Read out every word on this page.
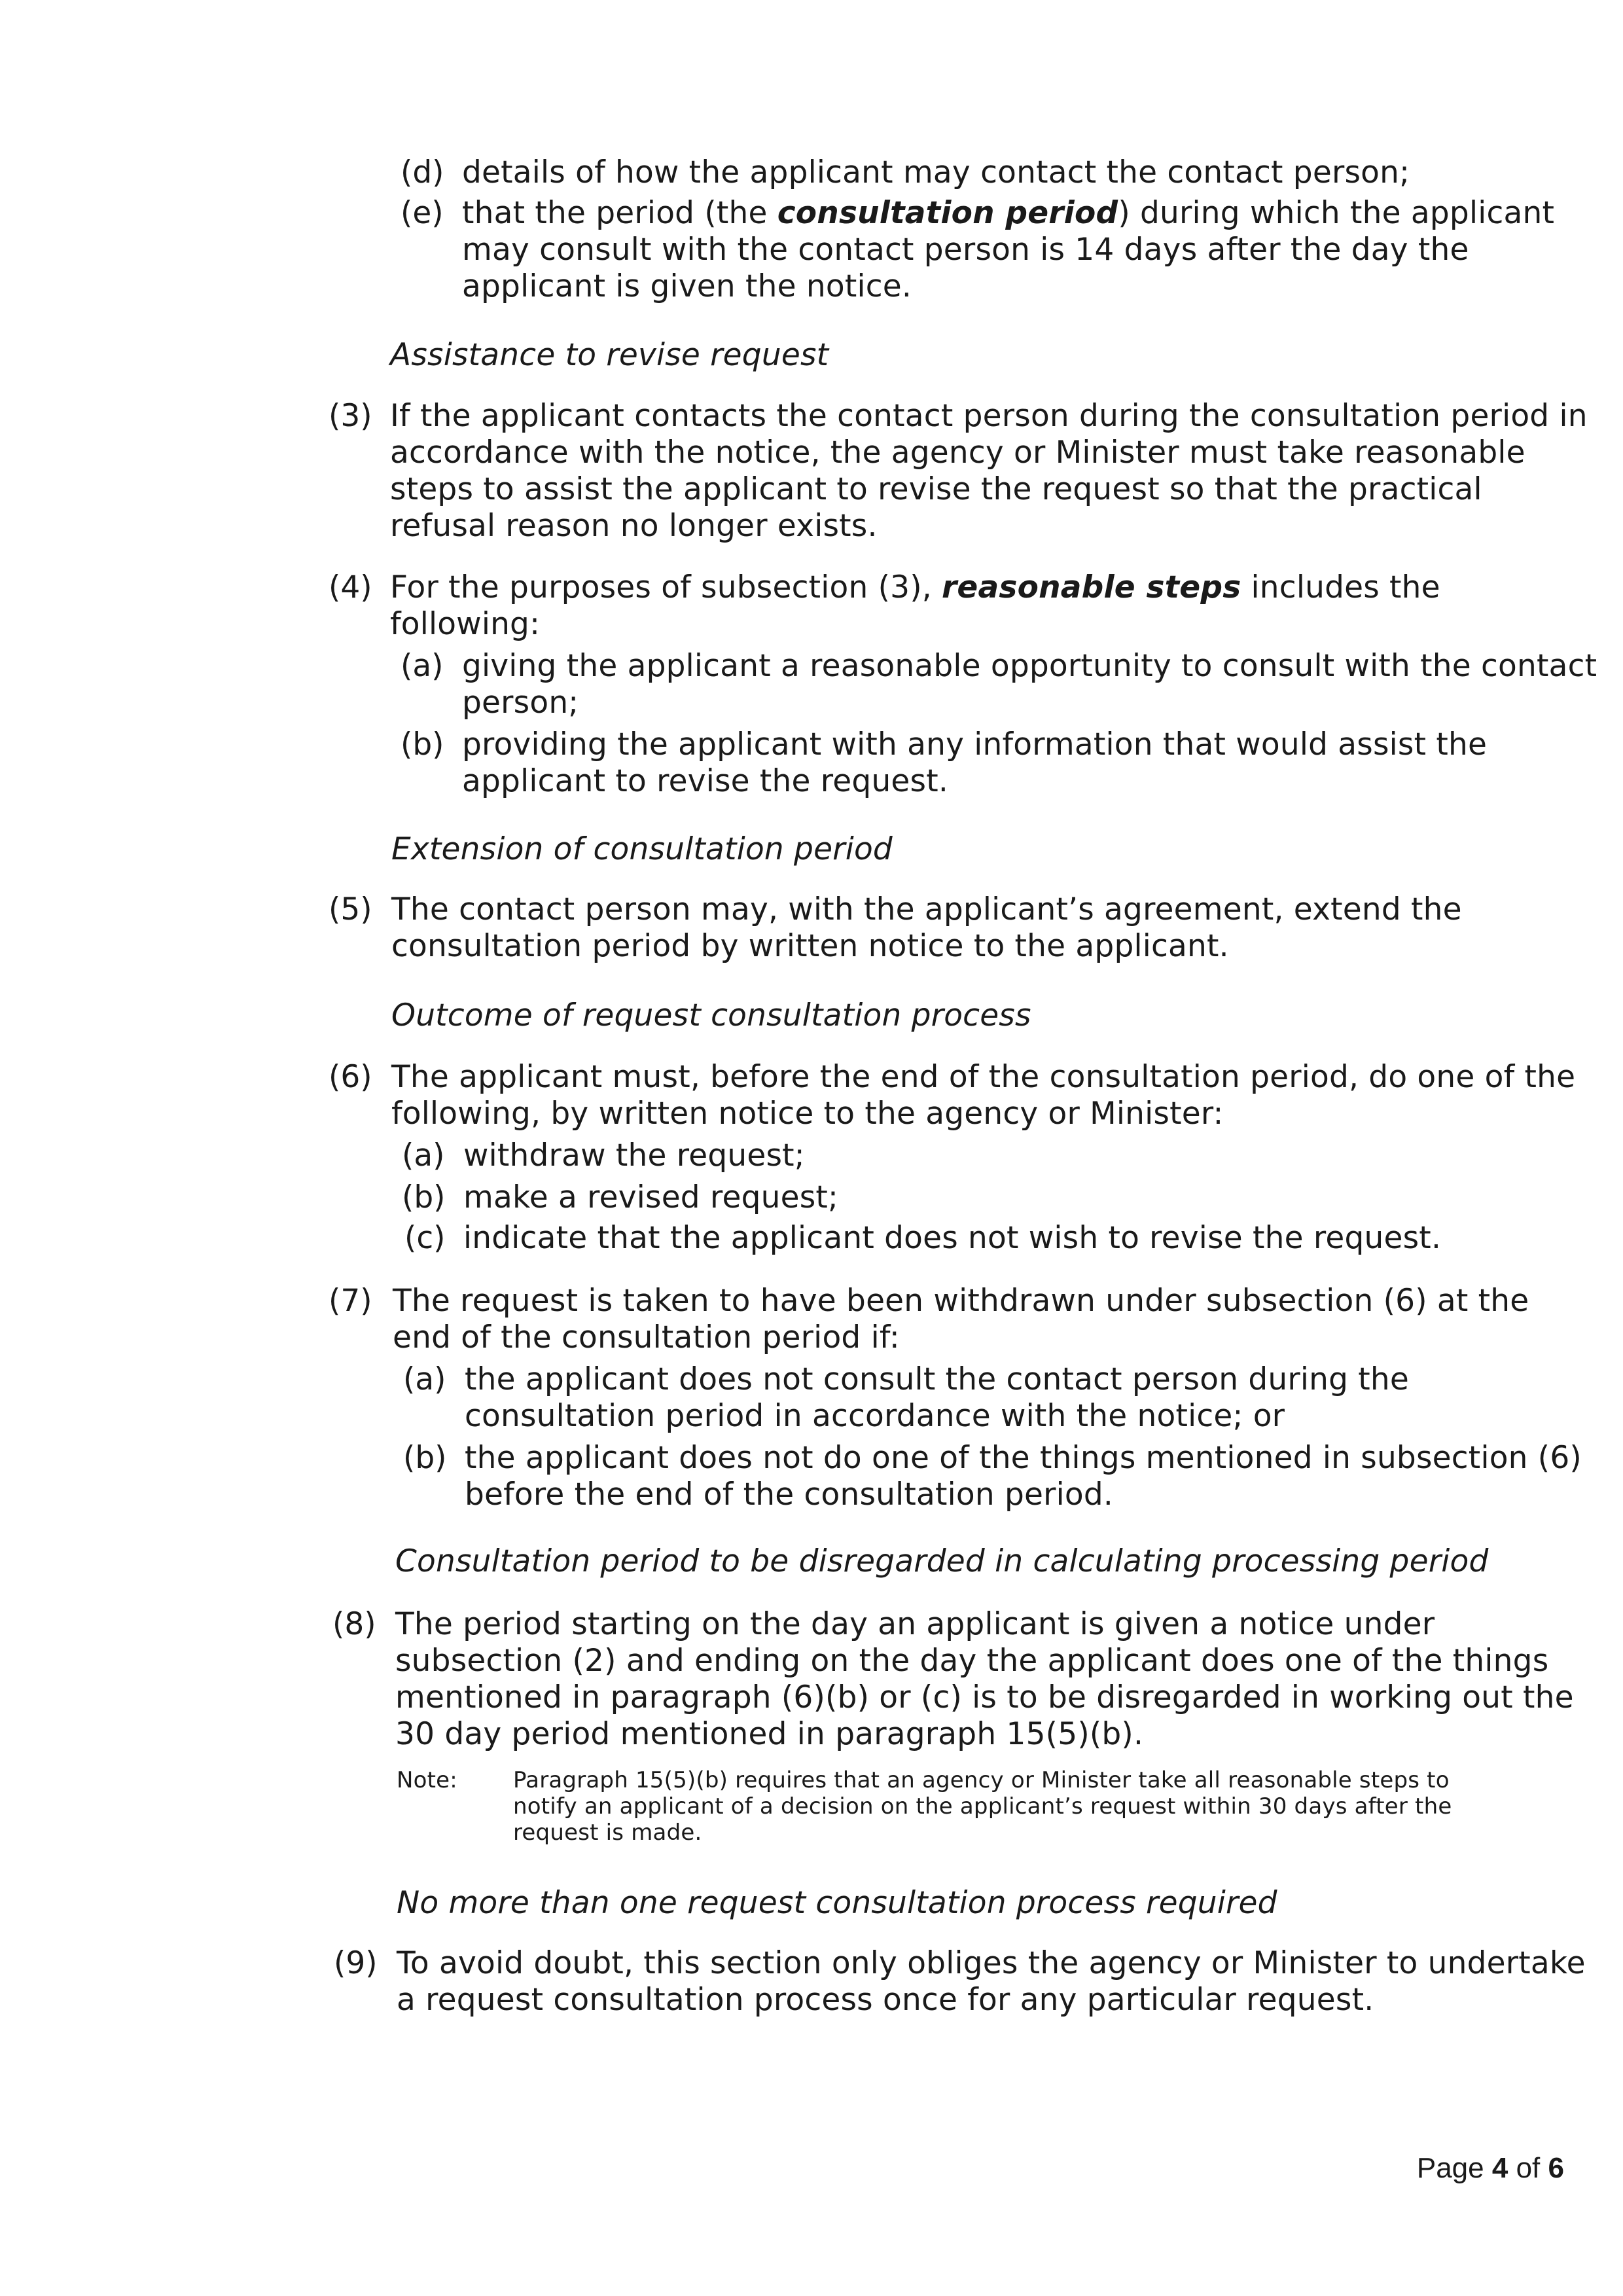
(d) details of how the applicant may contact the contact person;

(e) that the period (the consultation period) during which the applicant

may consult with the contact person is 14 days after the day the

applicant is given the notice.

Assistance to revise request

(3) If the applicant contacts the contact person during the consultation period in

accordance with the notice, the agency or Minister must take reasonable

steps to assist the applicant to revise the request so that the practical

refusal reason no longer exists.

(4) For the purposes of subsection (3), reasonable steps includes the

following:

(a) giving the applicant a reasonable opportunity to consult with the contact

person;

(b) providing the applicant with any information that would assist the

applicant to revise the request.

Extension of consultation period

(5) The contact person may, with the applicant’s agreement, extend the

consultation period by written notice to the applicant.

Outcome of request consultation process

(6) The applicant must, before the end of the consultation period, do one of the

following, by written notice to the agency or Minister:

(a) withdraw the request;

(b) make a revised request;

(c) indicate that the applicant does not wish to revise the request.

(7) The request is taken to have been withdrawn under subsection (6) at the

end of the consultation period if:

(a) the applicant does not consult the contact person during the

consultation period in accordance with the notice; or

(b) the applicant does not do one of the things mentioned in subsection (6)

before the end of the consultation period.

Consultation period to be disregarded in calculating processing period

(8) The period starting on the day an applicant is given a notice under

subsection (2) and ending on the day the applicant does one of the things

mentioned in paragraph (6)(b) or (c) is to be disregarded in working out the

30 day period mentioned in paragraph 15(5)(b).

Note:	Paragraph 15(5)(b) requires that an agency or Minister take all reasonable steps to

notify an applicant of a decision on the applicant’s request within 30 days after the

request is made.

No more than one request consultation process required

(9) To avoid doubt, this section only obliges the agency or Minister to undertake

a request consultation process once for any particular request.

Page 4 of 6
